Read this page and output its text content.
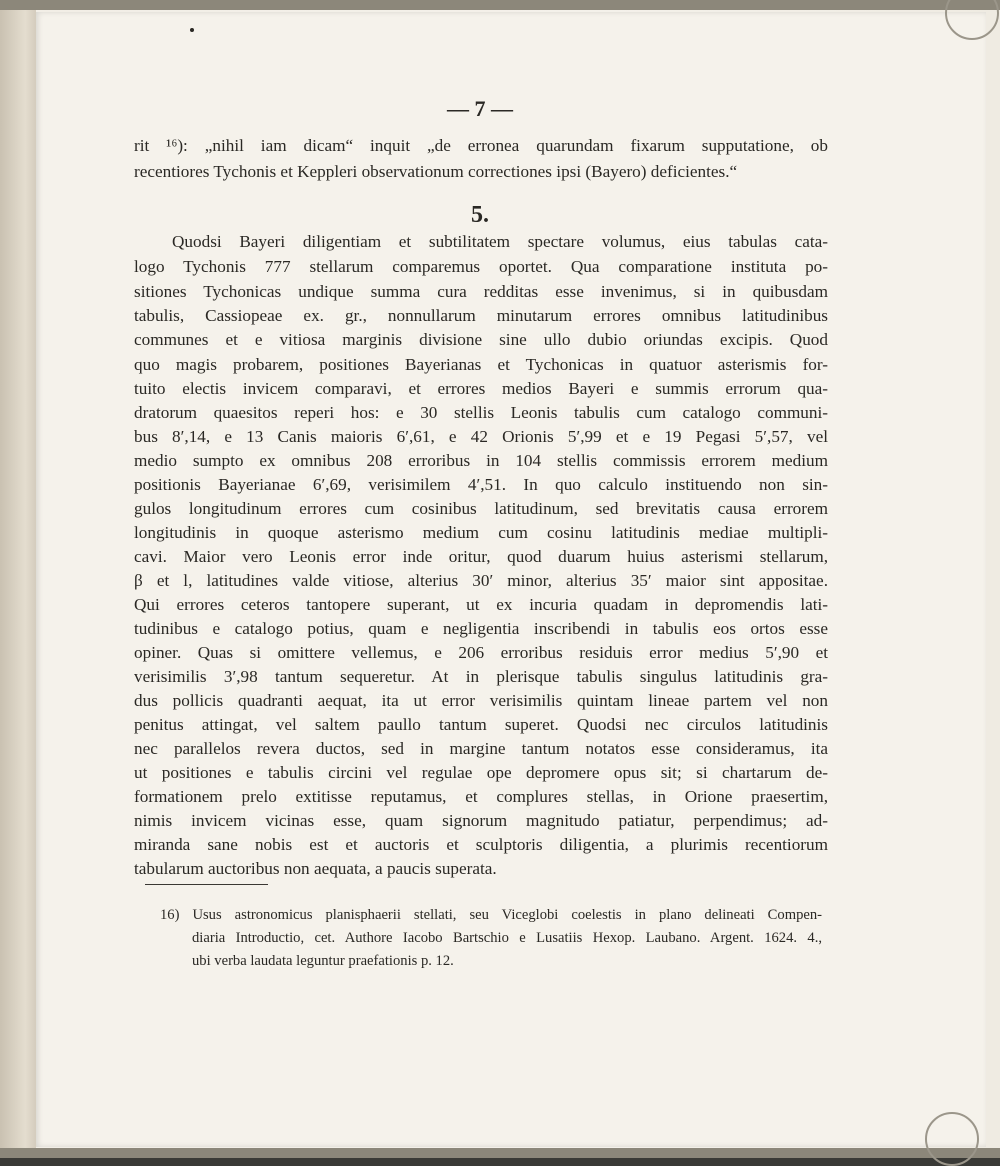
— 7 —
rit ¹⁶): „nihil iam dicam“ inquit „de erronea quarundam fixarum supputatione, ob
recentiores Tychonis et Keppleri observationum correctiones ipsi (Bayero) deficientes.“
5.
Quodsi Bayeri diligentiam et subtilitatem spectare volumus, eius tabulas cata-
logo Tychonis 777 stellarum comparemus oportet. Qua comparatione instituta po-
sitiones Tychonicas undique summa cura redditas esse invenimus, si in quibusdam
tabulis, Cassiopeae ex. gr., nonnullarum minutarum errores omnibus latitudinibus
communes et e vitiosa marginis divisione sine ullo dubio oriundas excipis. Quod
quo magis probarem, positiones Bayerianas et Tychonicas in quatuor asterismis for-
tuito electis invicem comparavi, et errores medios Bayeri e summis errorum qua-
dratorum quaesitos reperi hos: e 30 stellis Leonis tabulis cum catalogo communi-
bus 8′,14, e 13 Canis maioris 6′,61, e 42 Orionis 5′,99 et e 19 Pegasi 5′,57, vel
medio sumpto ex omnibus 208 erroribus in 104 stellis commissis errorem medium
positionis Bayerianae 6′,69, verisimilem 4′,51. In quo calculo instituendo non sin-
gulos longitudinum errores cum cosinibus latitudinum, sed brevitatis causa errorem
longitudinis in quoque asterismo medium cum cosinu latitudinis mediae multipli-
cavi. Maior vero Leonis error inde oritur, quod duarum huius asterismi stellarum,
β et l, latitudines valde vitiose, alterius 30′ minor, alterius 35′ maior sint appositae.
Qui errores ceteros tantopere superant, ut ex incuria quadam in depromendis lati-
tudinibus e catalogo potius, quam e negligentia inscribendi in tabulis eos ortos esse
opiner. Quas si omittere vellemus, e 206 erroribus residuis error medius 5′,90 et
verisimilis 3′,98 tantum sequeretur. At in plerisque tabulis singulus latitudinis gra-
dus pollicis quadranti aequat, ita ut error verisimilis quintam lineae partem vel non
penitus attingat, vel saltem paullo tantum superet. Quodsi nec circulos latitudinis
nec parallelos revera ductos, sed in margine tantum notatos esse consideramus, ita
ut positiones e tabulis circini vel regulae ope depromere opus sit; si chartarum de-
formationem prelo extitisse reputamus, et complures stellas, in Orione praesertim,
nimis invicem vicinas esse, quam signorum magnitudo patiatur, perpendimus; ad-
miranda sane nobis est et auctoris et sculptoris diligentia, a plurimis recentiorum
tabularum auctoribus non aequata, a paucis superata.
16) Usus astronomicus planisphaerii stellati, seu Viceglobi coelestis in plano delineati Compen-
diaria Introductio, cet. Authore Iacobo Bartschio e Lusatiis Hexop. Laubano. Argent. 1624. 4.,
ubi verba laudata leguntur praefationis p. 12.
